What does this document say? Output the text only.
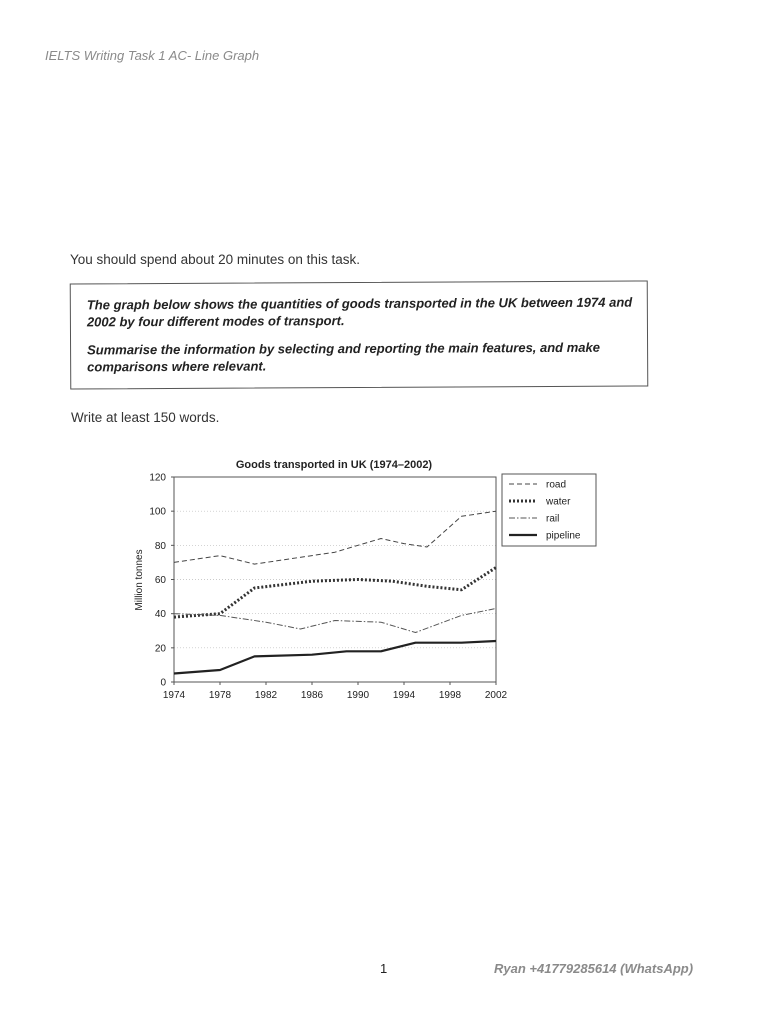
IELTS Writing Task 1 AC- Line Graph
You should spend about 20 minutes on this task.

The graph below shows the quantities of goods transported in the UK between 1974 and 2002 by four different modes of transport.

Summarise the information by selecting and reporting the main features, and make comparisons where relevant.

Write at least 150 words.
Goods transported in UK (1974–2002)
Million tonnes
0
20
40
60
80
100
120
1974 1978 1982 1986 1990 1994 1998 2002
road
water
rail
pipeline
1	Ryan +41779285614 (WhatsApp)
